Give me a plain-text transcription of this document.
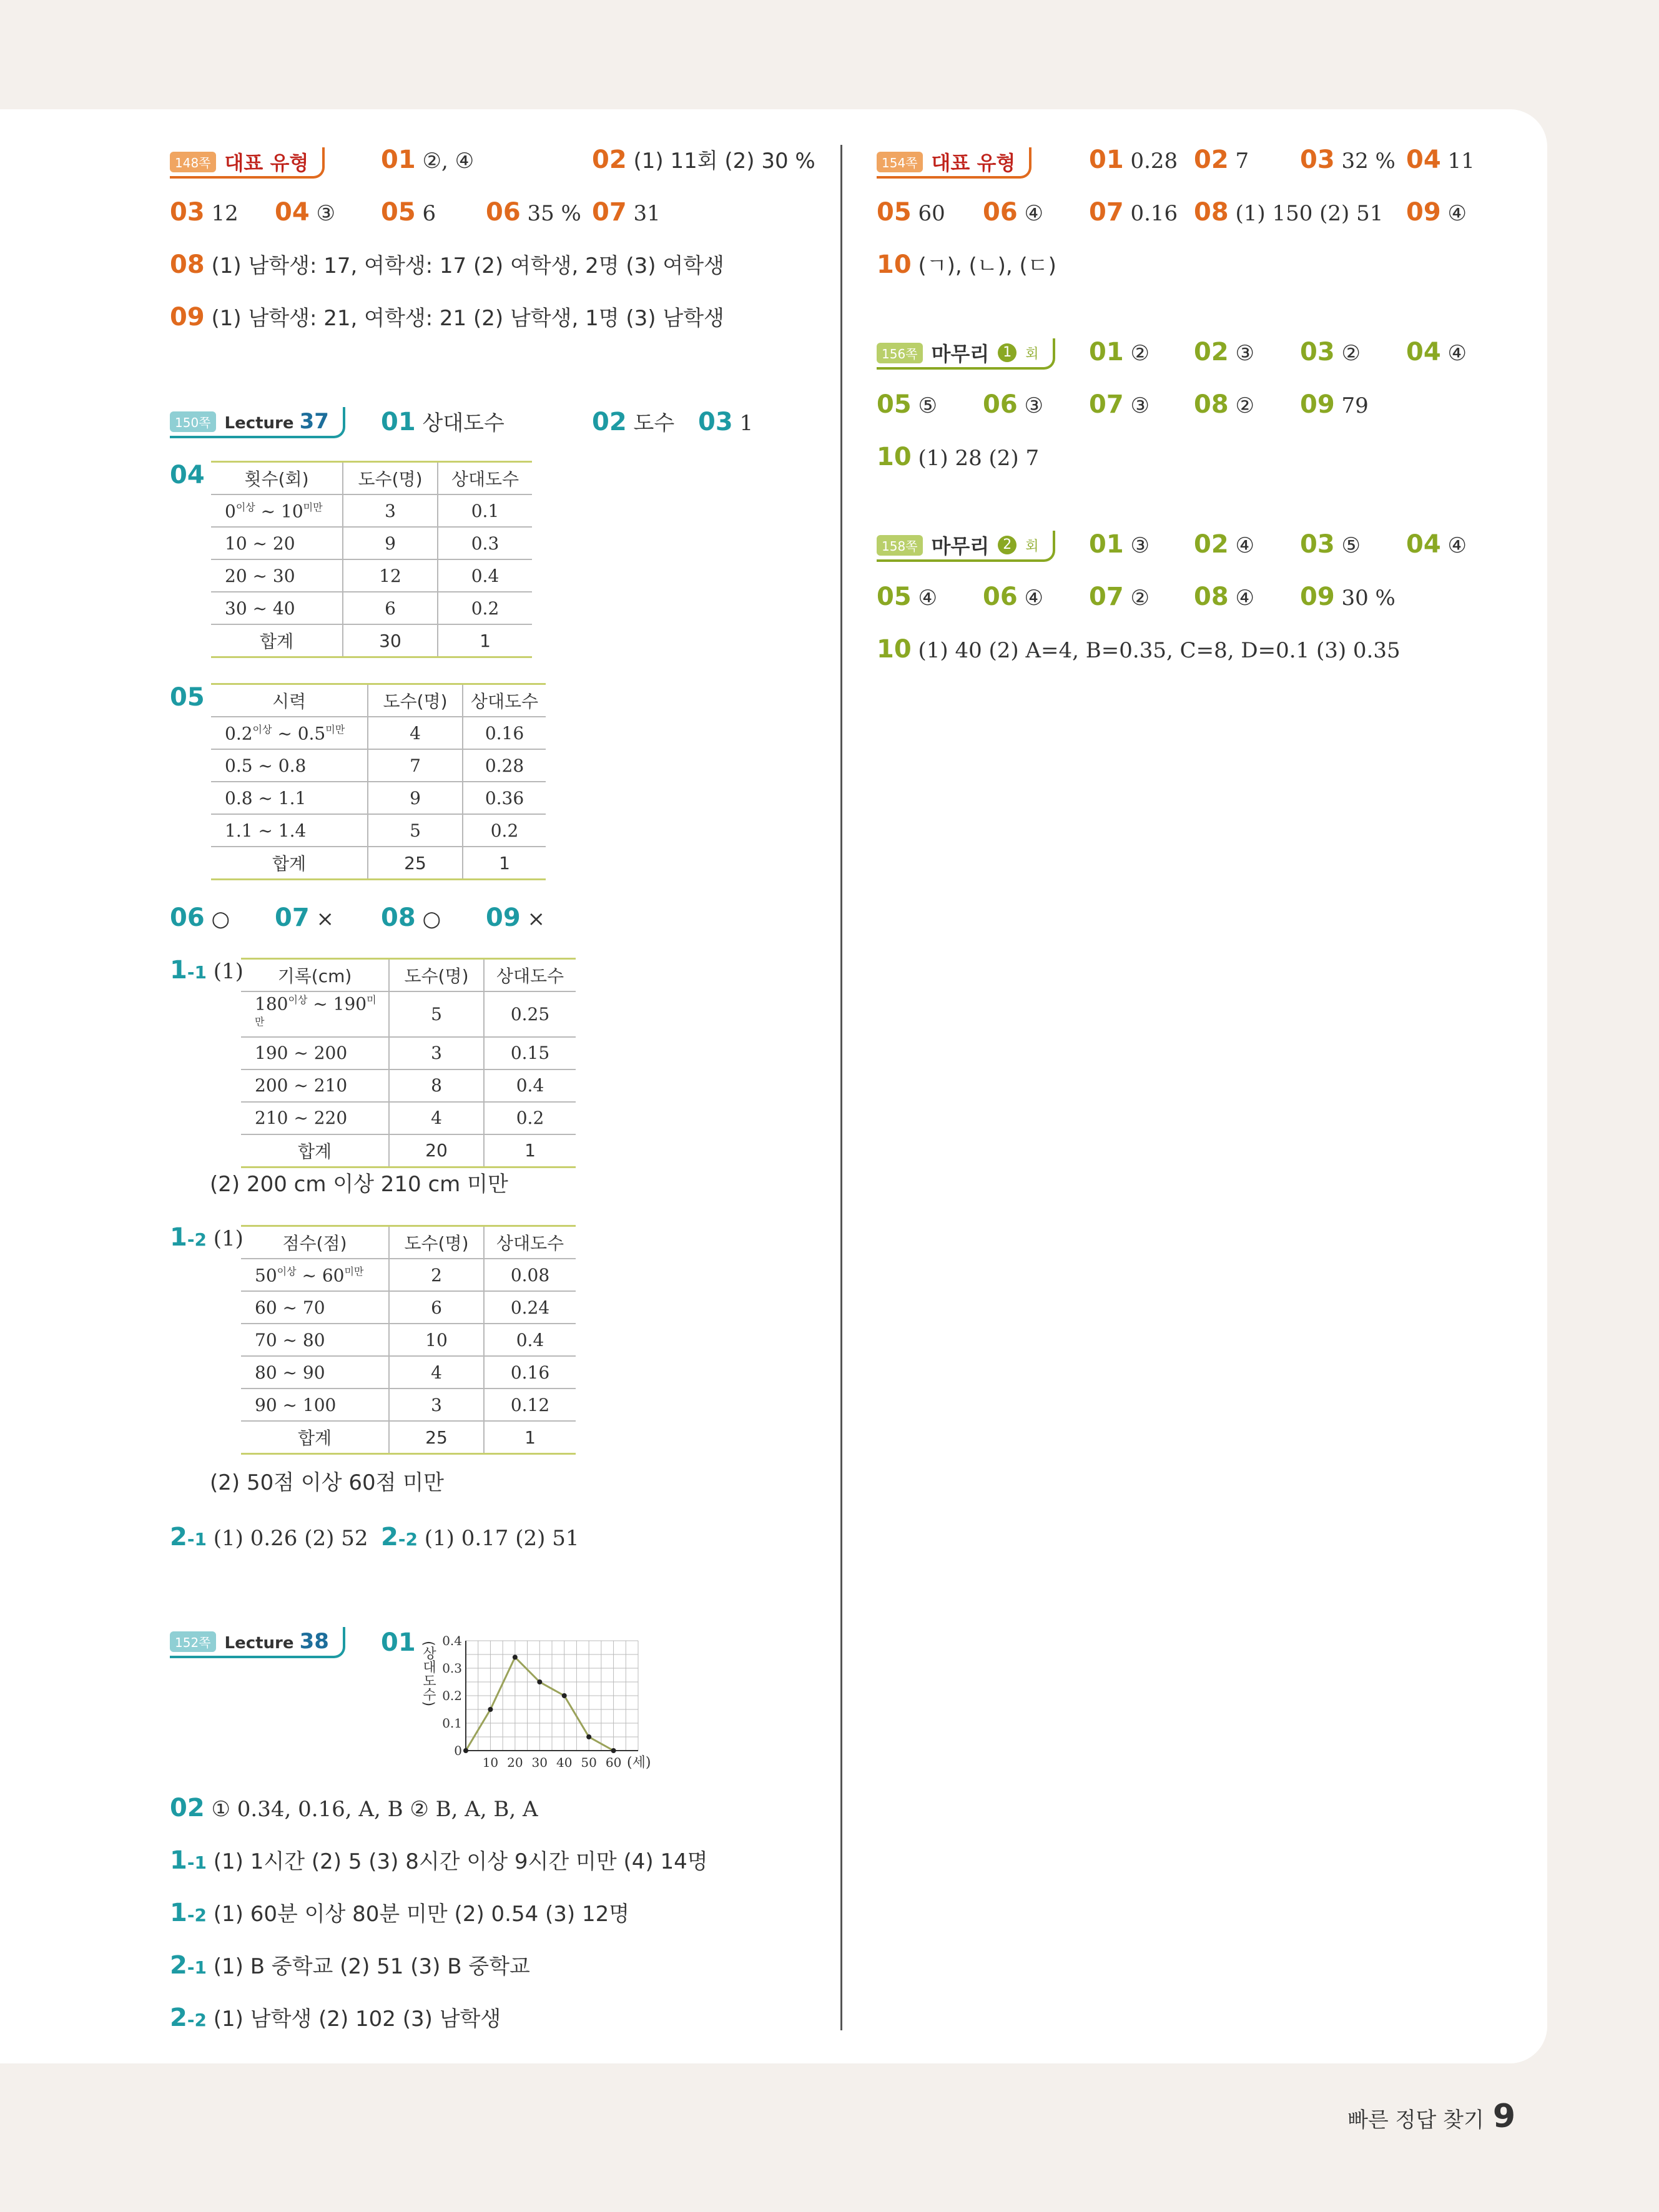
148쪽 대표 유형	01 ②, ④	02 (1) 11회 (2) 30 %
03 12 04 ③ 05 6 06 35 % 07 31
08 (1) 남학생: 17, 여학생: 17 (2) 여학생, 2명 (3) 여학생
09 (1) 남학생: 21, 여학생: 21 (2) 남학생, 1명 (3) 남학생
150쪽 Lecture 37 01 상대도수	02 도수 03 1
04 횟수(회)	도수(명)	상대도수
$0^{이상}$ ~ $10^{미만}$	3	0.1
10 ~ 20	9	0.3
20 ~ 30	12	0.4
30 ~ 40	6	0.2
합계	30	1
05	시력	도수(명)	상대도수
$0.2^{이상}$ ~ $0.5^{미만}$	4	0.16
0.5 ~ 0.8	7	0.28
0.8 ~ 1.1	9	0.36
1.1 ~ 1.4	5	0.2
합계	25	1
06 ○ 07 × 08 ○ 09 ×
1-1 (1) 기록(cm)	도수(명)	상대도수
$180^{이상}$ ~ $190^{미만}$	5	0.25
190 ~ 200	3	0.15
200 ~ 210	8	0.4
210 ~ 220	4	0.2
합계	20	1
(2) 200 cm 이상 210 cm 미만
1-2 (1) 점수(점)	도수(명)	상대도수
$50^{이상}$ ~ $60^{미만}$	2	0.08
60 ~ 70	6	0.24
70 ~ 80	10	0.4
80 ~ 90	4	0.16
90 ~ 100	3	0.12
합계	25	1
(2) 50점 이상 60점 미만
2-1 (1) 0.26 (2) 52 2-2 (1) 0.17 (2) 51
152쪽 Lecture 38 01 (상대도수)
0
0.1
0.2
0.3
0.4
10 20 30 40 50 60 (세)
02 ① 0.34, 0.16, A, B ② B, A, B, A
1-1 (1) 1시간 (2) 5 (3) 8시간 이상 9시간 미만 (4) 14명
1-2 (1) 60분 이상 80분 미만 (2) 0.54 (3) 12명
2-1 (1) B 중학교 (2) 51 (3) B 중학교
2-2 (1) 남학생 (2) 102 (3) 남학생
154쪽 대표 유형	01 0.28 02 7 03 32 % 04 11
05 60 06 ④ 07 0.16 08 (1) 150 (2) 51 09 ④
10 (ㄱ), (ㄴ), (ㄷ)
156쪽 마무리	1	회 01 ② 02 ③ 03 ② 04 ④
05 ⑤ 06 ③ 07 ③ 08 ② 09 79
10 (1) 28 (2) 7
158쪽 마무리	2	회 01 ③ 02 ④ 03 ⑤ 04 ④
05 ④ 06 ④ 07 ② 08 ④ 09 30 %
10 (1) 40 (2) A=4, B=0.35, C=8, D=0.1 (3) 0.35
빠른 정답 찾기 9
